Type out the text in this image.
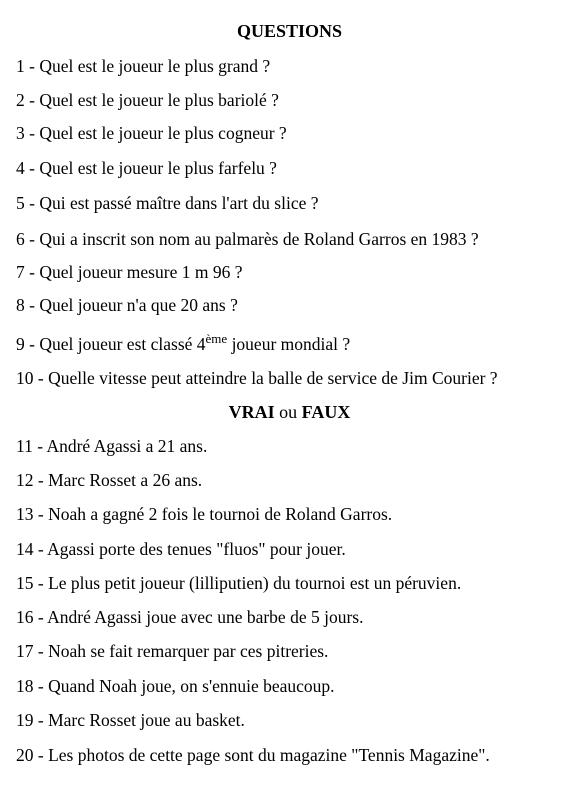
QUESTIONS
1 - Quel est le joueur le plus grand ?
2 - Quel est le joueur le plus bariolé ?
3 - Quel est le joueur le plus cogneur ?
4 - Quel est le joueur le plus farfelu ?
5 - Qui est passé maître dans l'art du slice ?
6 - Qui a inscrit son nom au palmarès de Roland Garros en 1983 ?
7 - Quel joueur mesure 1 m 96 ?
8 - Quel joueur n'a que 20 ans ?
9 - Quel joueur est classé 4ème joueur mondial ?
10 - Quelle vitesse peut atteindre la balle de service de Jim Courier ?
VRAI ou FAUX
11 - André Agassi a 21 ans.
12 - Marc Rosset a 26 ans.
13 - Noah a gagné 2 fois le tournoi de Roland Garros.
14 - Agassi porte des tenues "fluos" pour jouer.
15 - Le plus petit joueur (lilliputien) du tournoi est un péruvien.
16 - André Agassi joue avec une barbe de 5 jours.
17 - Noah se fait remarquer par ces pitreries.
18 - Quand Noah joue, on s'ennuie beaucoup.
19 - Marc Rosset joue au basket.
20 - Les photos de cette page sont du magazine "Tennis Magazine".
